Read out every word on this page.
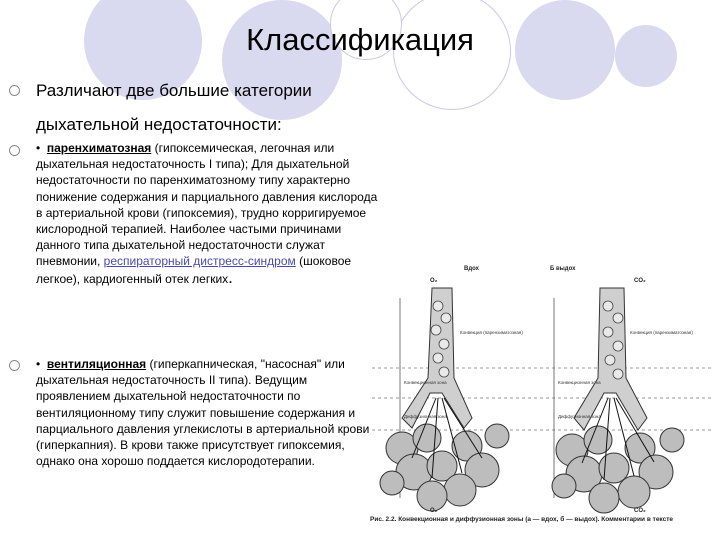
Классификация
Различают две большие категории дыхательной недостаточности:
• паренхиматозная (гипоксемическая, легочная или дыхательная недостаточность I типа); Для дыхательной недостаточности по паренхиматозному типу характерно понижение содержания и парциального давления кислорода в артериальной крови (гипоксемия), трудно корригируемое кислородной терапией. Наиболее частыми причинами данного типа дыхательной недостаточности служат пневмонии, респираторный дистресс-синдром (шоковое легкое), кардиогенный отек легких.
• вентиляционная (гиперкапническая, "насосная" или дыхательная недостаточность II типа). Ведущим проявлением дыхательной недостаточности по вентиляционному типу служит повышение содержания и парциального давления углекислоты в артериальной крови (гиперкапния). В крови также присутствует гипоксемия, однако она хорошо поддается кислородотерапии.
Вдох	Б выдох
Конвекция (паренхиматозная)
Конвекционная зона
Диффузионная зона
Конвекция (паренхиматозная)
Конвекционная зона
Диффузионная зона
O₂	CO₂
O₂	CO₂
Рис. 2.2. Конвекционная и диффузионная зоны (а — вдох, б — выдох). Комментарии в тексте
